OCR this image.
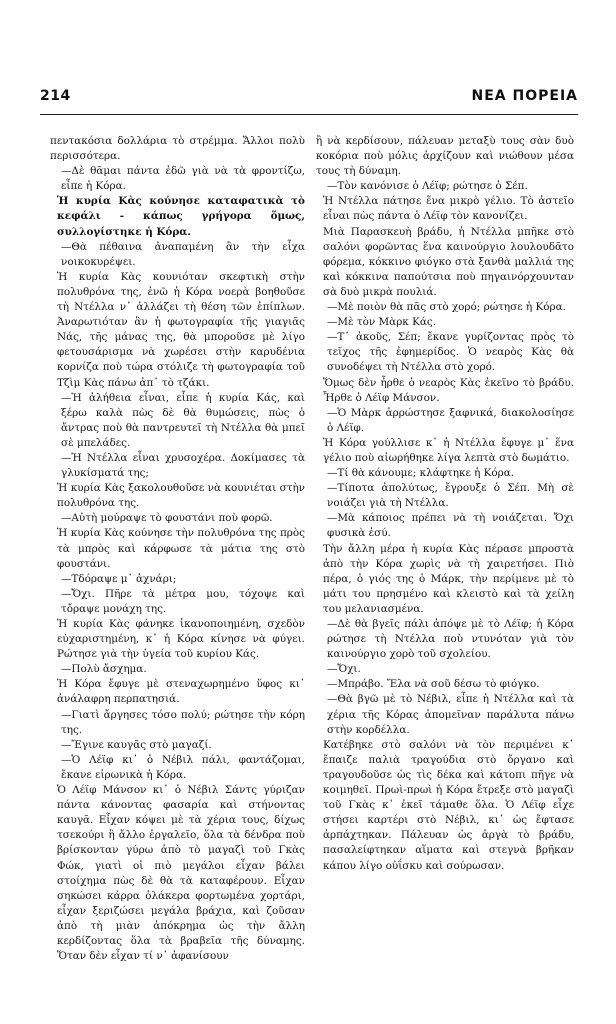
214	ΝΕΑ ΠΟΡΕΙΑ

πεντακόσια δολλάρια τὸ στρέμμα. Ἄλλοι πολὺ περισσότερα.

—Δὲ θᾶμαι πάντα ἐδῶ γιὰ νὰ τὰ φροντίζω, εἶπε ἡ Κόρα.

Ἡ κυρία Κὰς κούνησε καταφατικὰ τὸ κεφάλι - κάπως γρήγορα ὅμως, συλλογίστηκε ἡ Κόρα.

—Θὰ πέθαινα ἀναπαμένη ἂν τὴν εἶχα νοικοκυρέψει.

Ἡ κυρία Κὰς κουνιόταν σκεφτικὴ στὴν πολυθρόνα της, ἐνῶ ἡ Κόρα νοερὰ βοηθοῦσε τὴ Ντέλλα ν᾽ ἀλλάζει τὴ θέση τῶν ἐπίπλων. Ἀναρωτιόταν ἂν ἡ φωτογραφία τῆς γιαγιᾶς Νάς, τῆς μάνας της, θὰ μποροῦσε μὲ λίγο φετουσάρισμα νὰ χωρέσει στὴν καρυδένια κορνίζα ποὺ τώρα στόλιζε τὴ φωτογραφία τοῦ Τζὶμ Κὰς πάνω ἀπ᾽ τὸ τζάκι.

—Ἡ ἀλήθεια εἶναι, εἶπε ἡ κυρία Κάς, καὶ ξέρω καλὰ πὼς δὲ θὰ θυμώσεις, πὼς ὁ ἄντρας ποὺ θὰ παντρευτεῖ τὴ Ντέλλα θὰ μπεῖ σὲ μπελάδες.

—Ἡ Ντέλλα εἶναι χρυσοχέρα. Δοκίμασες τὰ γλυκίσματά της;

Ἡ κυρία Κὰς ξακολουθοῦσε νὰ κουνιέται στὴν πολυθρόνα της.

—Αὐτὴ μούραψε τὸ φουστάνι ποὺ φορῶ.

Ἡ κυρία Κὰς κούνησε τὴν πολυθρόνα της πρὸς τὰ μπρὸς καὶ κάρφωσε τὰ μάτια της στὸ φουστάνι.

—Τδόραψε μ᾽ ἀχνάρι;

—Ὄχι. Πῆρε τὰ μέτρα μου, τόχοψε καὶ τὄραψε μονάχη της.

Ἡ κυρία Κὰς φάνηκε ἱκανοποιημένη, σχεδὸν εὐχαριστημένη, κ᾽ ἡ Κόρα κίνησε νὰ φύγει. Ρώτησε γιὰ τὴν ὑγεία τοῦ κυρίου Κάς.

—Πολὺ ἄσχημα.

Ἡ Κόρα ἔφυγε μὲ στεναχωρημένο ὕφος κι᾽ ἀνάλαφρη περπατησιά.

—Γιατὶ ἄργησες τόσο πολύ; ρώτησε τὴν κόρη της.

—Ἔγινε καυγᾶς στὸ μαγαζί.

—Ὁ Λέϊφ κι᾽ ὁ Νέβιλ πάλι, φαντάζομαι, ἔκανε εἰρωνικὰ ἡ Κόρα.

Ὁ Λέϊφ Μάνσον κι᾽ ὁ Νέβιλ Σάντς γύριζαν πάντα κάνοντας φασαρία καὶ στήνοντας καυγᾶ. Εἶχαν κόψει μὲ τὰ χέρια τους, δίχως τσεκούρι ἢ ἄλλο ἐργαλεῖο, ὅλα τὰ δένδρα ποὺ βρίσκονταν γύρω ἀπὸ τὸ μαγαζὶ τοῦ Γκὰς Φώκ, γιατὶ οἱ πιὸ μεγάλοι εἶχαν βάλει στοίχημα πὼς δὲ θὰ τὰ καταφέρουν. Εἶχαν σηκώσει κάρρα ὁλάκερα φορτωμένα χορτάρι, εἶχαν ξεριζώσει μεγάλα βράχια, καὶ ζοῦσαν ἀπὸ τὴ μιὰν ἀπόκρημα ὡς τὴν ἄλλη κερδίζοντας ὅλα τὰ βραβεῖα τῆς δύναμης. Ὅταν δὲν εἶχαν τί ν᾽ ἀφανίσουν

ἢ νὰ κερδίσουν, πάλευαν μεταξὺ τους σὰν δυὸ κοκόρια ποὺ μόλις ἀρχίζουν καὶ νιώθουν μέσα τους τὴ δύναμη.

—Τὸν κανόνισε ὁ Λέϊφ; ρώτησε ὁ Σέπ.

Ἡ Ντέλλα πάτησε ἕνα μικρὸ γέλιο. Τὸ ἀστεῖο εἶναι πὼς πάντα ὁ Λέϊφ τὸν κανονίζει.

Μιὰ Παρασκευὴ βράδυ, ἡ Ντέλλα μπῆκε στὸ σαλόνι φορῶντας ἕνα καινούργιο λουλουδᾶτο φόρεμα, κόκκινο φιόγκο στὰ ξανθὰ μαλλιά της καὶ κόκκινα παπούτσια ποὺ πηγαινόρχουνταν σὰ δυὸ μικρὰ πουλιά.

—Μὲ ποιὸν θὰ πᾶς στὸ χορό; ρώτησε ἡ Κόρα.

—Μὲ τὸν Μὰρκ Κάς.

—Τ᾽ ἀκοῦς, Σέπ; ἔκανε γυρίζοντας πρὸς τὸ τεῖχος τῆς ἐφημερίδος. Ὁ νεαρὸς Κὰς θὰ συνοδέψει τὴ Ντέλλα στὸ χορό.

Ὅμως δὲν ἦρθε ὁ νεαρὸς Κὰς ἐκεῖνο τὸ βράδυ. Ἦρθε ὁ Λέϊφ Μάνσον.

—Ὁ Μὰρκ ἀρρώστησε ξαφνικά, διακολοσίησε ὁ Λέϊφ.

Ἡ Κόρα γούλλισε κ᾽ ἡ Ντέλλα ἔφυγε μ᾽ ἕνα γέλιο ποὺ αἰωρήθηκε λίγα λεπτὰ στὸ δωμάτιο.

—Τί θὰ κάνουμε; κλάφτηκε ἡ Κόρα.

—Τίποτα ἀπολύτως, ἔγρουξε ὁ Σέπ. Μὴ σὲ νοιάζει γιὰ τὴ Ντέλλα.

—Μὰ κάποιος πρέπει νὰ τὴ νοιάζεται. Ὄχι φυσικὰ ἐσύ.

Τὴν ἄλλη μέρα ἡ κυρία Κὰς πέρασε μπροστὰ ἀπὸ τὴν Κόρα χωρὶς νὰ τὴ χαιρετήσει. Πιὸ πέρα, ὁ γιός της ὁ Μάρκ, τὴν περίμενε μὲ τὸ μάτι του πρησμένο καὶ κλειστὸ καὶ τὰ χείλη του μελανιασμένα.

—Δὲ θὰ βγεῖς πάλι ἀπόψε μὲ τὸ Λέϊφ; ἡ Κόρα ρώτησε τὴ Ντέλλα ποὺ ντυνόταν γιὰ τὸν καινούργιο χορὸ τοῦ σχολείου.

—Ὄχι.

—Μπράβο. Ἔλα νὰ σοῦ δέσω τὸ φιόγκο.

—Θὰ βγῶ μὲ τὸ Νέβιλ, εἶπε ἡ Ντέλλα καὶ τὰ χέρια τῆς Κόρας ἀπομεῖναν παράλυτα πάνω στὴν κορδέλλα.

Κατέβηκε στὸ σαλόνι νὰ τὸν περιμένει κ᾽ ἔπαιζε παλιὰ τραγούδια στὸ ὄργανο καὶ τραγουδοῦσε ὡς τὶς δέκα καὶ κάτοπι πῆγε νὰ κοιμηθεῖ. Πρωὶ-πρωὶ ἡ Κόρα ἔτρεξε στὸ μαγαζὶ τοῦ Γκὰς κ᾽ ἐκεῖ τάμαθε ὅλα. Ὁ Λέϊφ εἶχε στήσει καρτέρι στὸ Νέβιλ, κι᾽ ὡς ἔφτασε ἀρπάχτηκαν. Πάλευαν ὡς ἀργὰ τὸ βράδυ, πασαλείφτηκαν αἵματα καὶ στεγνὰ βρῆκαν κάπου λίγο οὐΐσκυ καὶ σούρωσαν.
